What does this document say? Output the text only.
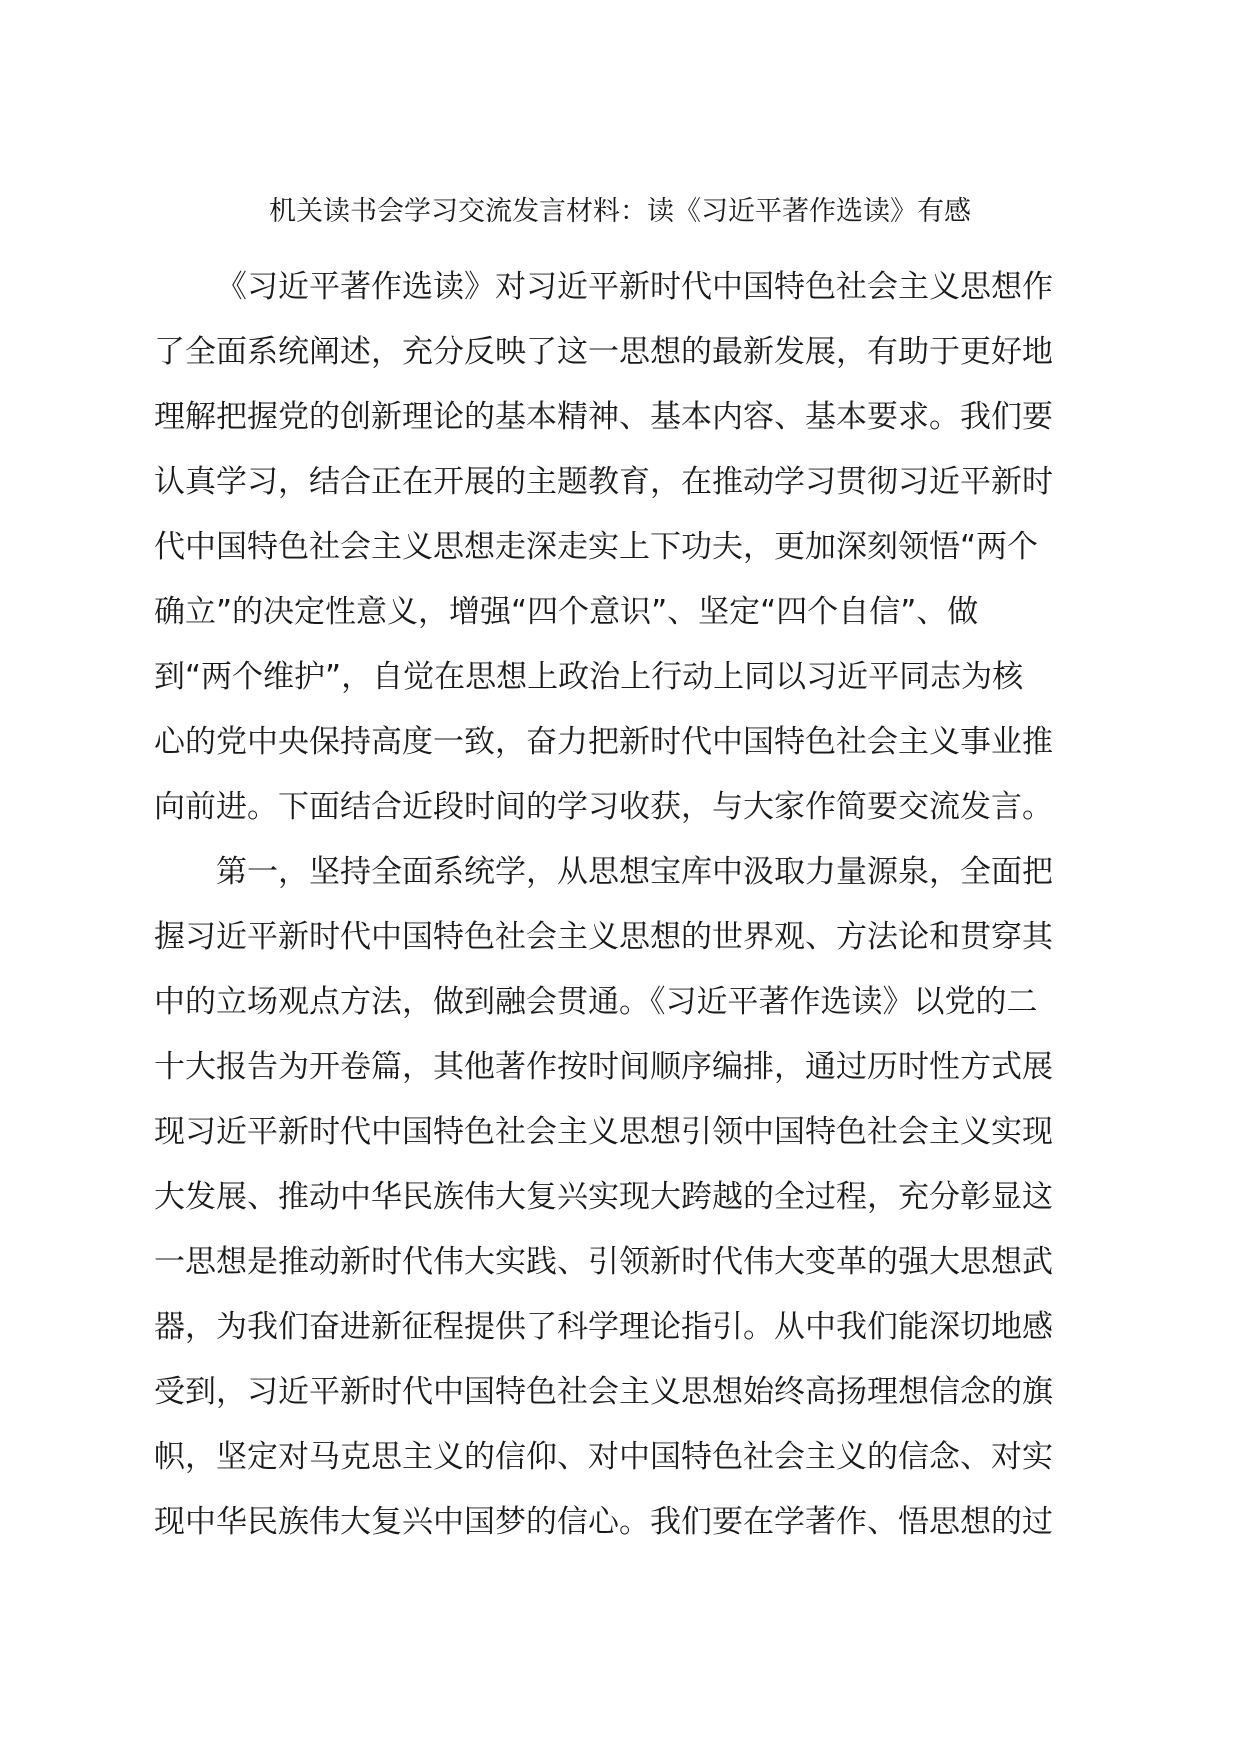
机关读书会学习交流发言材料：读《习近平著作选读》有感
《习近平著作选读》对习近平新时代中国特色社会主义思想作
了全面系统阐述，充分反映了这一思想的最新发展，有助于更好地
理解把握党的创新理论的基本精神、基本内容、基本要求。我们要
认真学习，结合正在开展的主题教育，在推动学习贯彻习近平新时
代中国特色社会主义思想走深走实上下功夫，更加深刻领悟“两个
确立”的决定性意义，增强“四个意识”、坚定“四个自信”、做
到“两个维护”，自觉在思想上政治上行动上同以习近平同志为核
心的党中央保持高度一致，奋力把新时代中国特色社会主义事业推
向前进。下面结合近段时间的学习收获，与大家作简要交流发言。
第一，坚持全面系统学，从思想宝库中汲取力量源泉，全面把
握习近平新时代中国特色社会主义思想的世界观、方法论和贯穿其
中的立场观点方法，做到融会贯通。《习近平著作选读》以党的二
十大报告为开卷篇，其他著作按时间顺序编排，通过历时性方式展
现习近平新时代中国特色社会主义思想引领中国特色社会主义实现
大发展、推动中华民族伟大复兴实现大跨越的全过程，充分彰显这
一思想是推动新时代伟大实践、引领新时代伟大变革的强大思想武
器，为我们奋进新征程提供了科学理论指引。从中我们能深切地感
受到，习近平新时代中国特色社会主义思想始终高扬理想信念的旗
帜，坚定对马克思主义的信仰、对中国特色社会主义的信念、对实
现中华民族伟大复兴中国梦的信心。我们要在学著作、悟思想的过
